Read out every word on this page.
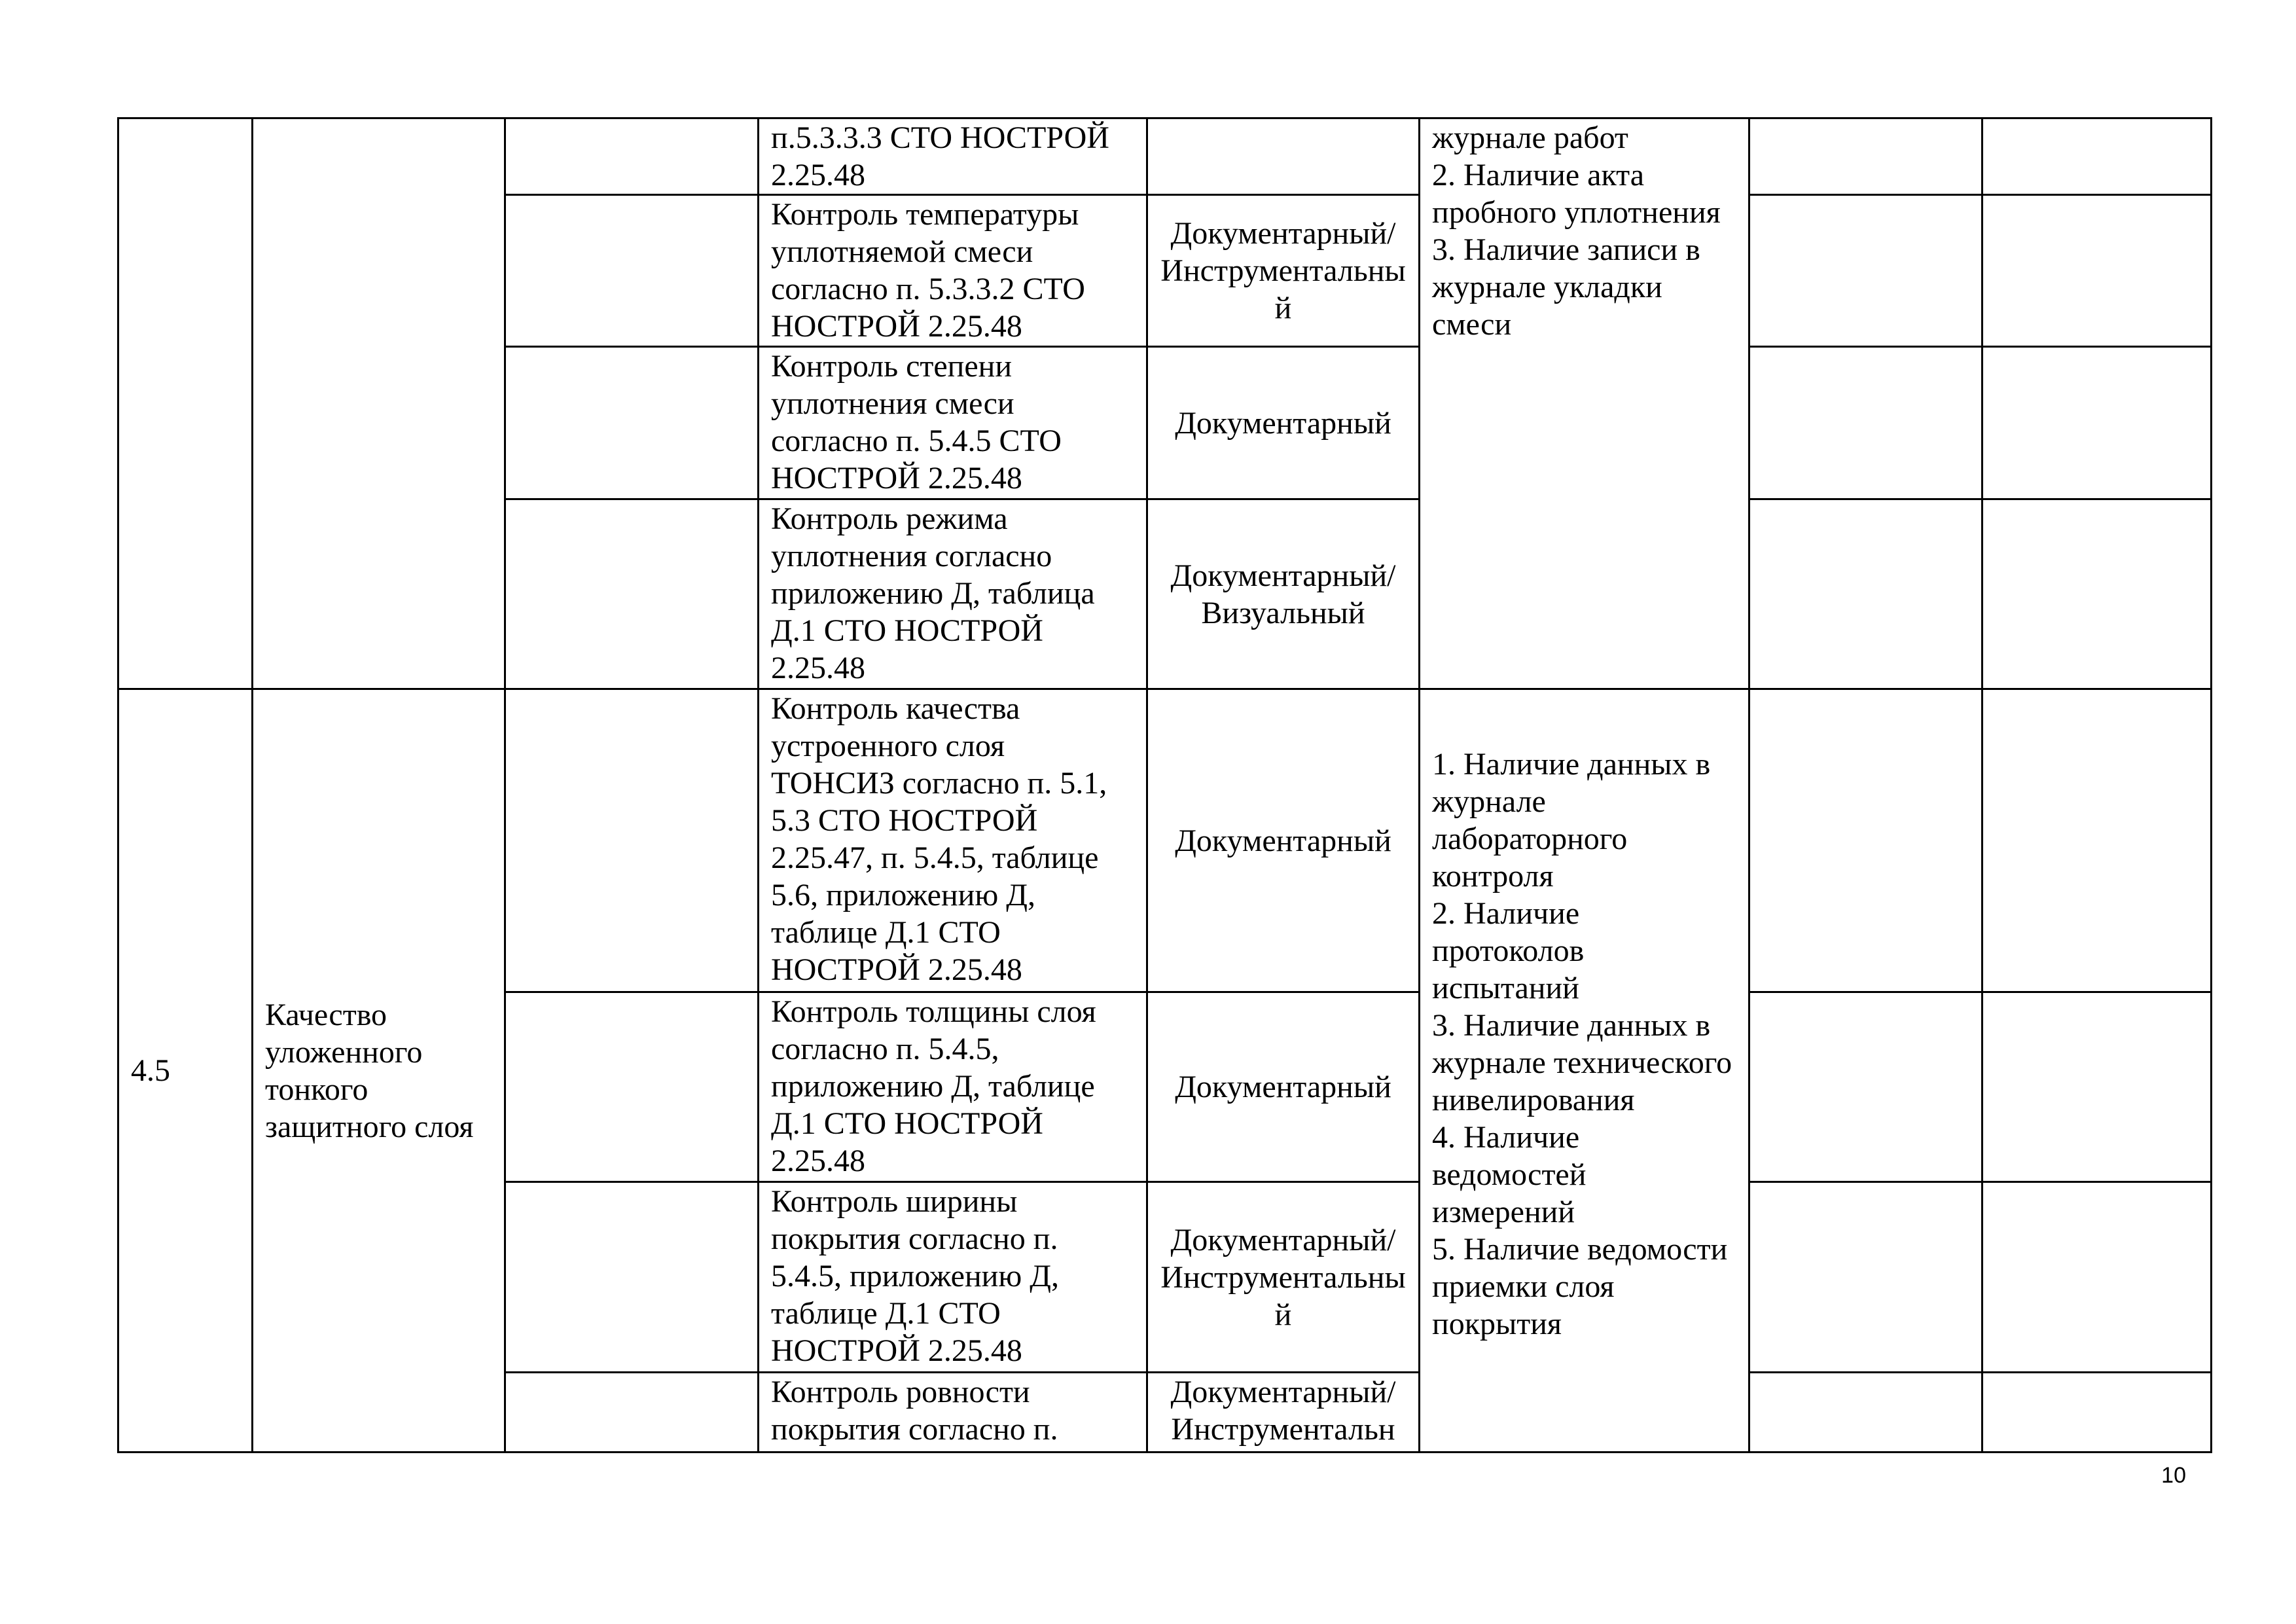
			п.5.3.3.3 СТО НОСТРОЙ 2.25.48		журнале работ
2. Наличие акта пробного уплотнения
3. Наличие записи в журнале укладки смеси		

			Контроль температуры уплотняемой смеси согласно п. 5.3.3.2 СТО НОСТРОЙ 2.25.48	Документарный/ Инструментальный			

			Контроль степени уплотнения смеси согласно п. 5.4.5 СТО НОСТРОЙ 2.25.48	Документарный			

			Контроль режима уплотнения согласно приложению Д, таблица Д.1 СТО НОСТРОЙ 2.25.48	Документарный/ Визуальный			

4.5	Качество уложенного тонкого защитного слоя		Контроль качества устроенного слоя ТОНСИЗ согласно п. 5.1, 5.3 СТО НОСТРОЙ 2.25.47, п. 5.4.5, таблице 5.6, приложению Д, таблице Д.1 СТО НОСТРОЙ 2.25.48	Документарный	1. Наличие данных в журнале лабораторного контроля
2. Наличие протоколов испытаний
3. Наличие данных в журнале технического нивелирования
4. Наличие ведомостей измерений
5. Наличие ведомости приемки слоя покрытия		

			Контроль толщины слоя согласно п. 5.4.5, приложению Д, таблице Д.1 СТО НОСТРОЙ 2.25.48	Документарный			

			Контроль ширины покрытия согласно п. 5.4.5, приложению Д, таблице Д.1 СТО НОСТРОЙ 2.25.48	Документарный/ Инструментальный			

			Контроль ровности покрытия согласно п.	Документарный/ Инструментальн			

10
